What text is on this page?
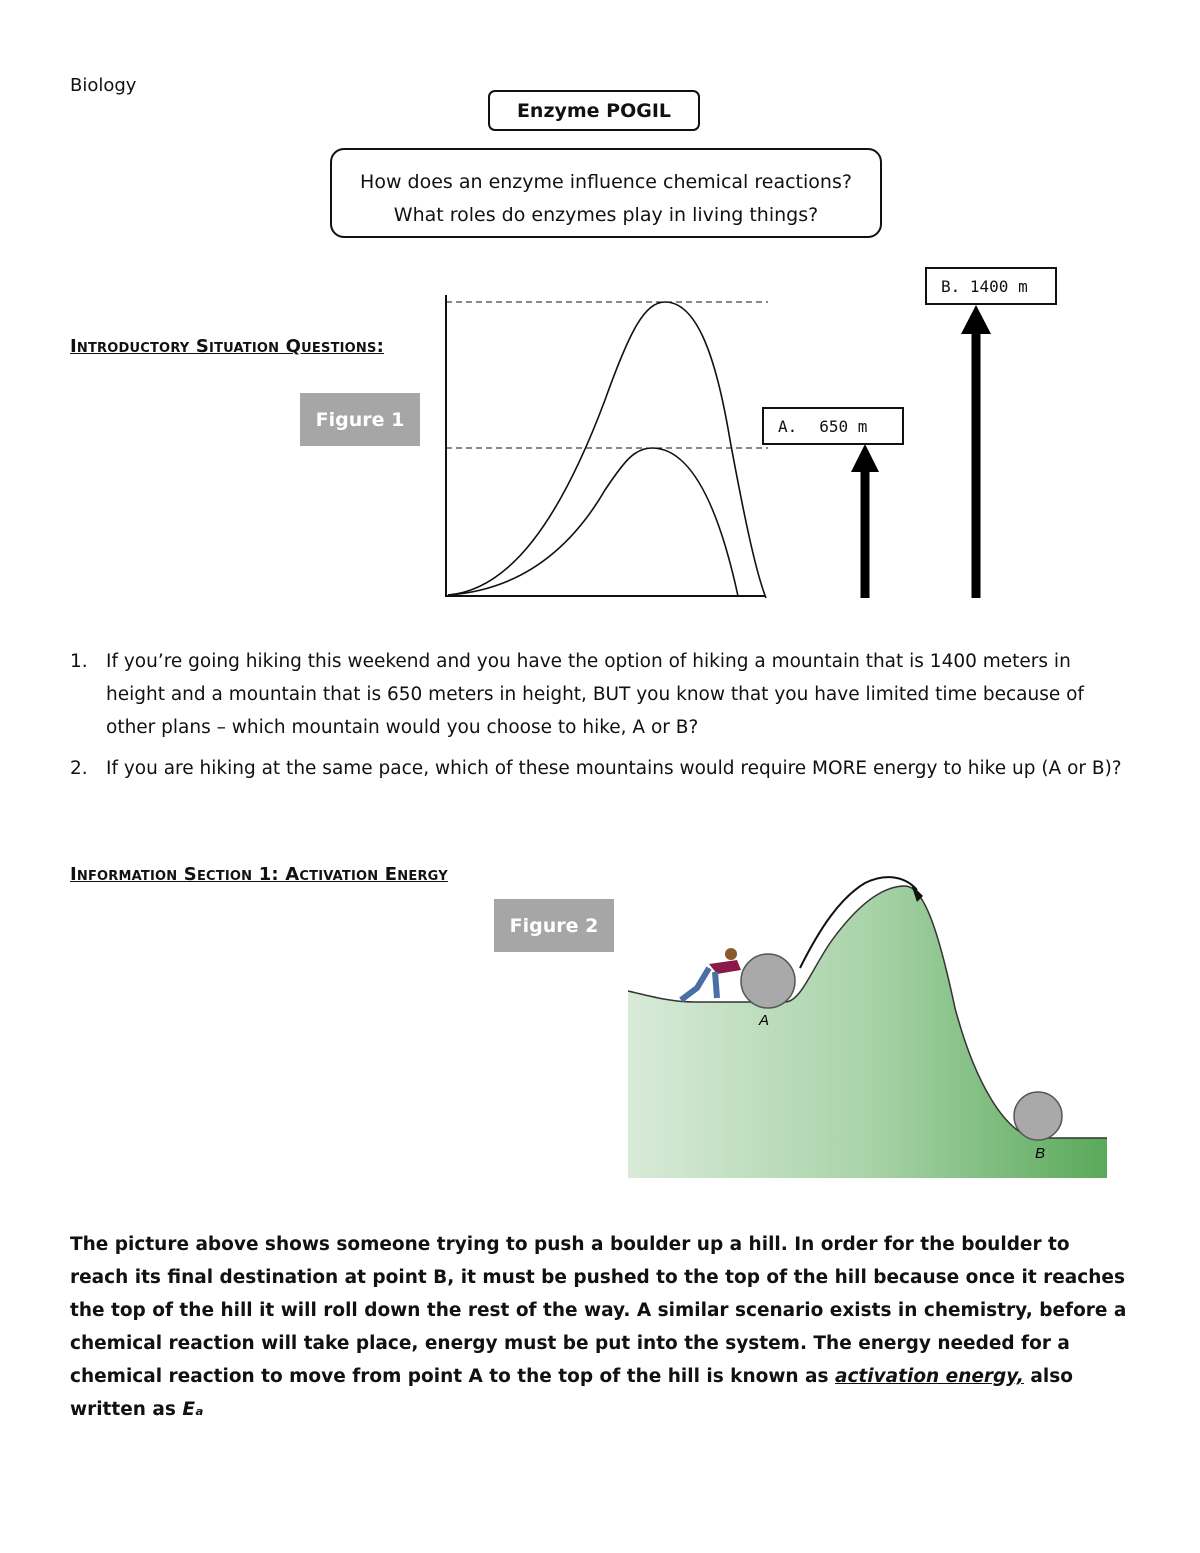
Biology
Enzyme POGIL
How does an enzyme influence chemical reactions?
What roles do enzymes play in living things?
Introductory Situation Questions:
Figure 1	A. 650 m
B. 1400 m
1. If you’re going hiking this weekend and you have the option of hiking a mountain that is 1400 meters in height and a mountain that is 650 meters in height, BUT you know that you have limited time because of other plans – which mountain would you choose to hike, A or B?
2. If you are hiking at the same pace, which of these mountains would require MORE energy to hike up (A or B)?
Information Section 1: Activation Energy
Figure 2
A
B
The picture above shows someone trying to push a boulder up a hill. In order for the boulder to reach its final destination at point B, it must be pushed to the top of the hill because once it reaches the top of the hill it will roll down the rest of the way. A similar scenario exists in chemistry, before a chemical reaction will take place, energy must be put into the system. The energy needed for a chemical reaction to move from point A to the top of the hill is known as activation energy, also written as Eₐ
